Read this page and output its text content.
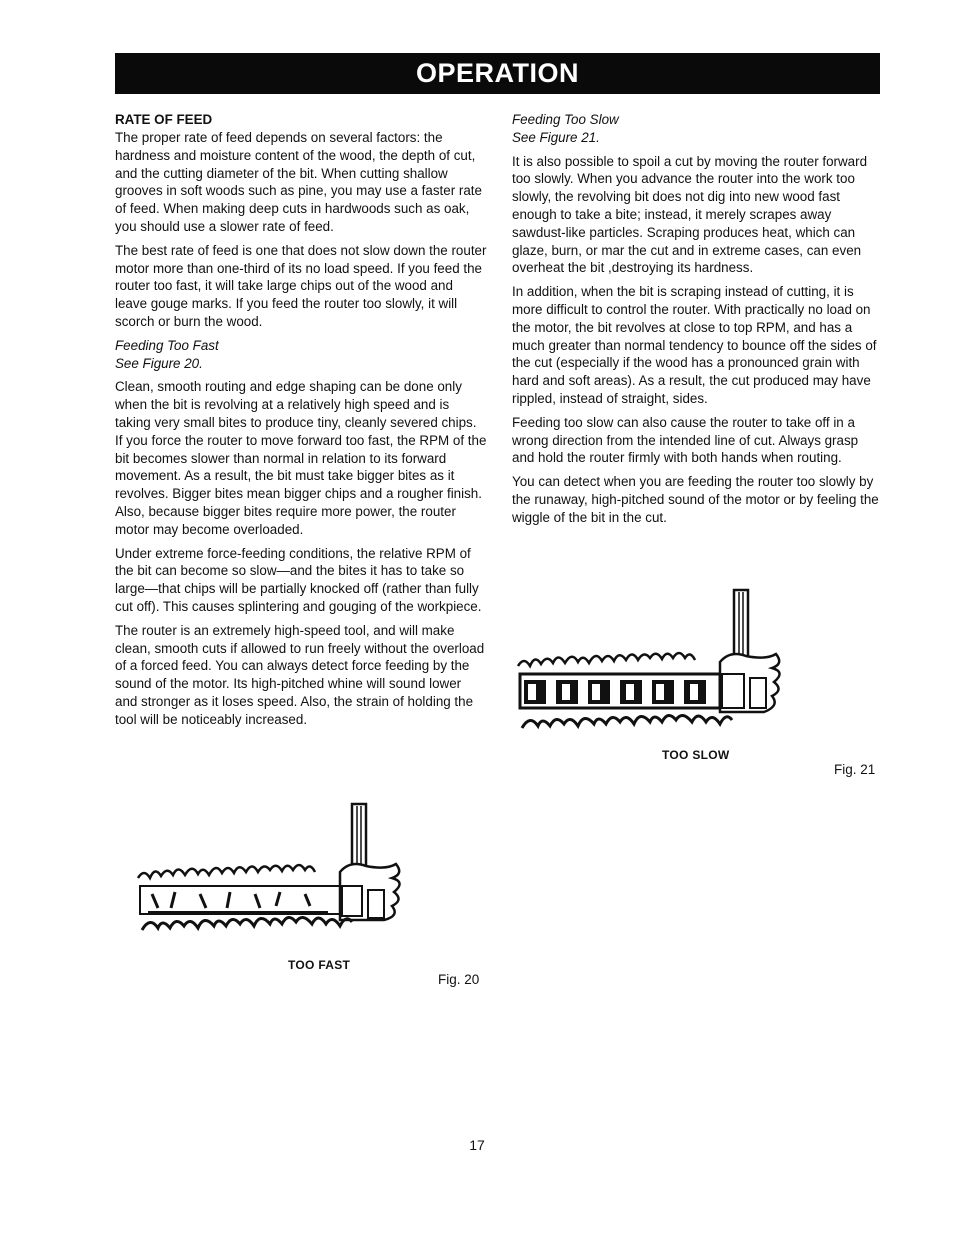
OPERATION
RATE OF FEED

The proper rate of feed depends on several factors: the hardness and moisture content of the wood, the depth of cut, and the cutting diameter of the bit. When cutting shallow grooves in soft woods such as pine, you may use a faster rate of feed. When making deep cuts in hardwoods such as oak, you should use a slower rate of feed.

The best rate of feed is one that does not slow down the router motor more than one-third of its no load speed. If you feed the router too fast, it will take large chips out of the wood and leave gouge marks. If you feed the router too slowly, it will scorch or burn the wood.

Feeding Too Fast

See Figure 20.

Clean, smooth routing and edge shaping can be done only when the bit is revolving at a relatively high speed and is taking very small bites to produce tiny, cleanly severed chips. If you force the router to move forward too fast, the RPM of the bit becomes slower than normal in relation to its forward movement. As a result, the bit must take bigger bites as it revolves. Bigger bites mean bigger chips and a rougher finish. Also, because bigger bites require more power, the router motor may become overloaded.

Under extreme force-feeding conditions, the relative RPM of the bit can become so slow—and the bites it has to take so large—that chips will be partially knocked off (rather than fully cut off). This causes splintering and gouging of the workpiece.

The router is an extremely high-speed tool, and will make clean, smooth cuts if allowed to run freely without the overload of a forced feed. You can always detect force feeding by the sound of the motor. Its high-pitched whine will sound lower and stronger as it loses speed. Also, the strain of holding the tool will be noticeably increased.

Feeding Too Slow

See Figure 21.

It is also possible to spoil a cut by moving the router forward too slowly. When you advance the router into the work too slowly, the revolving bit does not dig into new wood fast enough to take a bite; instead, it merely scrapes away sawdust-like particles. Scraping produces heat, which can glaze, burn, or mar the cut and in extreme cases, can even overheat the bit ,destroying its hardness.

In addition, when the bit is scraping instead of cutting, it is more difficult to control the router. With practically no load on the motor, the bit revolves at close to top RPM, and has a much greater than normal tendency to bounce off the sides of the cut (especially if the wood has a pronounced grain with hard and soft areas). As a result, the cut produced may have rippled, instead of straight, sides.

Feeding too slow can also cause the router to take off in a wrong direction from the intended line of cut. Always grasp and hold the router firmly with both hands when routing.

You can detect when you are feeding the router too slowly by the runaway, high-pitched sound of the motor or by feeling the wiggle of the bit in the cut.

TOO FAST
Fig. 20
TOO SLOW
Fig. 21
17
